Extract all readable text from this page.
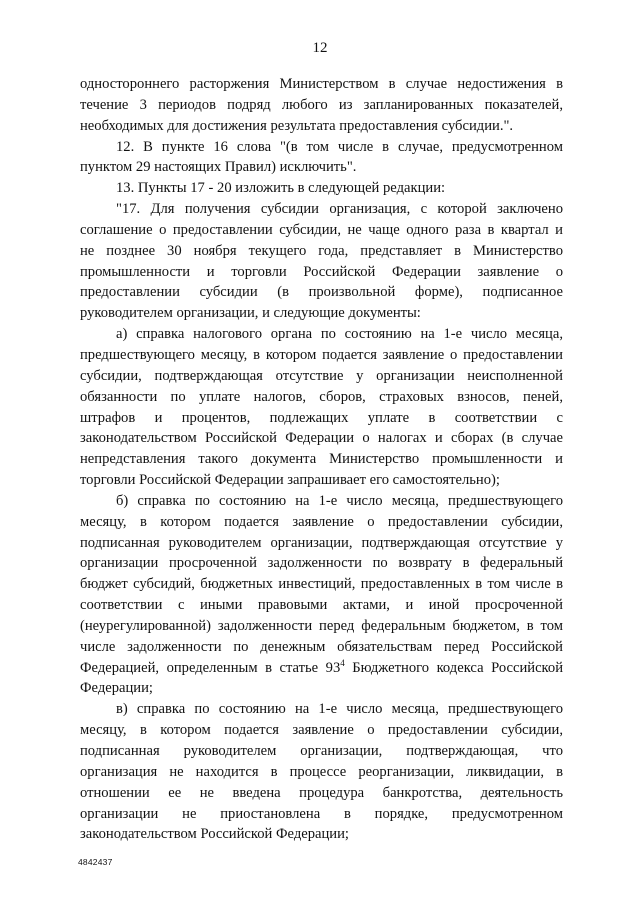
12
одностороннего расторжения Министерством в случае недостижения в
течение 3 периодов подряд любого из запланированных показателей,
необходимых для достижения результата предоставления субсидии.".
12. В пункте 16 слова "(в том числе в случае, предусмотренном
пунктом 29 настоящих Правил) исключить".
13. Пункты 17 - 20 изложить в следующей редакции:
"17. Для получения субсидии организация, с которой заключено
соглашение о предоставлении субсидии, не чаще одного раза в квартал и
не позднее 30 ноября текущего года, представляет в Министерство
промышленности и торговли Российской Федерации заявление о
предоставлении субсидии (в произвольной форме), подписанное
руководителем организации, и следующие документы:
а) справка налогового органа по состоянию на 1-е число месяца,
предшествующего месяцу, в котором подается заявление о предоставлении
субсидии, подтверждающая отсутствие у организации неисполненной
обязанности по уплате налогов, сборов, страховых взносов, пеней,
штрафов и процентов, подлежащих уплате в соответствии с
законодательством Российской Федерации о налогах и сборах (в случае
непредставления такого документа Министерство промышленности и
торговли Российской Федерации запрашивает его самостоятельно);
б) справка по состоянию на 1-е число месяца, предшествующего
месяцу, в котором подается заявление о предоставлении субсидии,
подписанная руководителем организации, подтверждающая отсутствие у
организации просроченной задолженности по возврату в федеральный
бюджет субсидий, бюджетных инвестиций, предоставленных в том числе в
соответствии с иными правовыми актами, и иной просроченной
(неурегулированной) задолженности перед федеральным бюджетом, в том
числе задолженности по денежным обязательствам перед Российской
Федерацией, определенным в статье $93^4$ Бюджетного кодекса Российской
Федерации;
в) справка по состоянию на 1-е число месяца, предшествующего
месяцу, в котором подается заявление о предоставлении субсидии,
подписанная руководителем организации, подтверждающая, что
организация не находится в процессе реорганизации, ликвидации, в
отношении ее не введена процедура банкротства, деятельность
организации не приостановлена в порядке, предусмотренном
законодательством Российской Федерации;
4842437
